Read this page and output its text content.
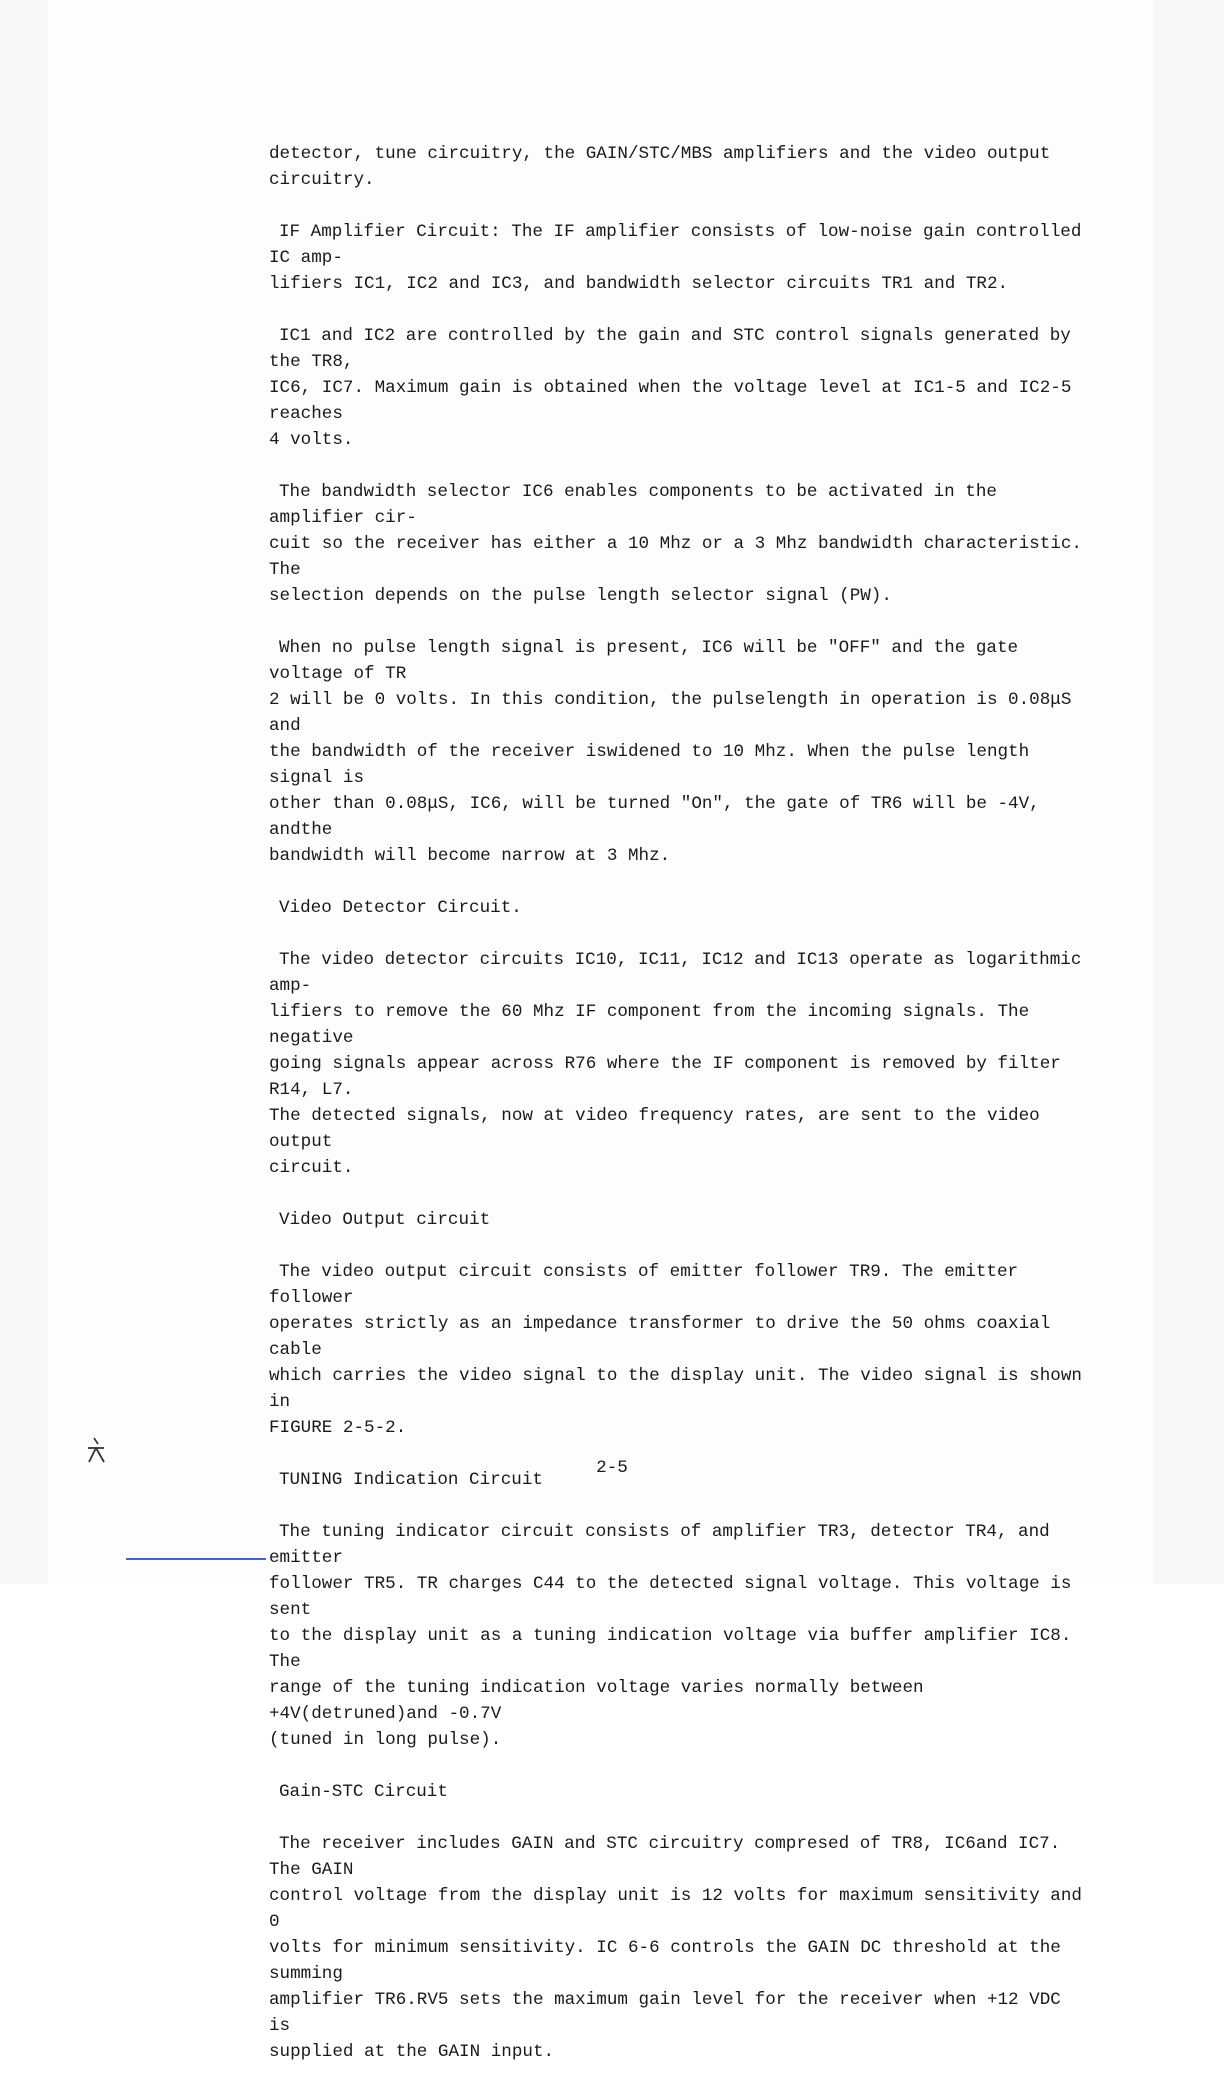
detector, tune circuitry, the GAIN/STC/MBS amplifiers and the video output circuitry.

IF Amplifier Circuit: The IF amplifier consists of low-noise gain controlled IC amp-
lifiers IC1, IC2 and IC3, and bandwidth selector circuits TR1 and TR2.

IC1 and IC2 are controlled by the gain and STC control signals generated by the TR8,
IC6, IC7. Maximum gain is obtained when the voltage level at IC1-5 and IC2-5 reaches
4 volts.

The bandwidth selector IC6 enables components to be activated in the amplifier cir-
cuit so the receiver has either a 10 Mhz or a 3 Mhz bandwidth characteristic. The
selection depends on the pulse length selector signal (PW).

When no pulse length signal is present, IC6 will be "OFF" and the gate voltage of TR
2 will be 0 volts. In this condition, the pulselength in operation is 0.08μS and
the bandwidth of the receiver iswidened to 10 Mhz. When the pulse length signal is
other than 0.08μS, IC6, will be turned "On", the gate of TR6 will be -4V, andthe
bandwidth will become narrow at 3 Mhz.

Video Detector Circuit.

The video detector circuits IC10, IC11, IC12 and IC13 operate as logarithmic amp-
lifiers to remove the 60 Mhz IF component from the incoming signals. The negative
going signals appear across R76 where the IF component is removed by filter R14, L7.
The detected signals, now at video frequency rates, are sent to the video output
circuit.

Video Output circuit

The video output circuit consists of emitter follower TR9. The emitter follower
operates strictly as an impedance transformer to drive the 50 ohms coaxial cable
which carries the video signal to the display unit. The video signal is shown in
FIGURE 2-5-2.

TUNING Indication Circuit

The tuning indicator circuit consists of amplifier TR3, detector TR4, and emitter
follower TR5. TR charges C44 to the detected signal voltage. This voltage is sent
to the display unit as a tuning indication voltage via buffer amplifier IC8. The
range of the tuning indication voltage varies normally between +4V(detruned)and -0.7V
(tuned in long pulse).

Gain-STC Circuit

The receiver includes GAIN and STC circuitry compresed of TR8, IC6and IC7. The GAIN
control voltage from the display unit is 12 volts for maximum sensitivity and 0
volts for minimum sensitivity. IC 6-6 controls the GAIN DC threshold at the summing
amplifier TR6.RV5 sets the maximum gain level for the receiver when +12 VDC is
supplied at the GAIN input.

2-5
